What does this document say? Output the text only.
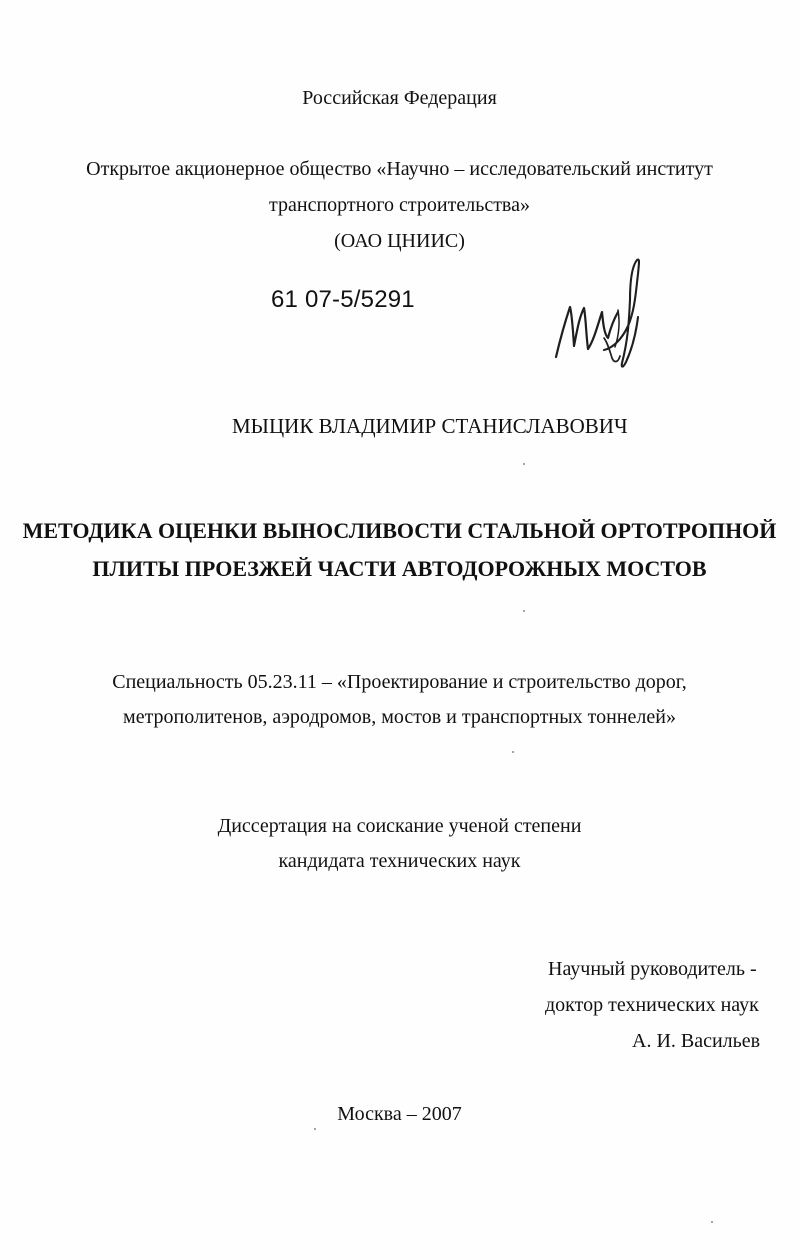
Российская Федерация
Открытое акционерное общество «Научно – исследовательский институт
транспортного строительства»
(ОАО ЦНИИС)
61 07-5/5291
МЫЦИК ВЛАДИМИР СТАНИСЛАВОВИЧ
МЕТОДИКА ОЦЕНКИ ВЫНОСЛИВОСТИ СТАЛЬНОЙ ОРТОТРОПНОЙ
ПЛИТЫ ПРОЕЗЖЕЙ ЧАСТИ АВТОДОРОЖНЫХ МОСТОВ
Специальность 05.23.11 – «Проектирование и строительство дорог,
метрополитенов, аэродромов, мостов и транспортных тоннелей»
Диссертация на соискание ученой степени
кандидата технических наук
Научный руководитель -
доктор технических наук
А. И. Васильев
Москва – 2007
